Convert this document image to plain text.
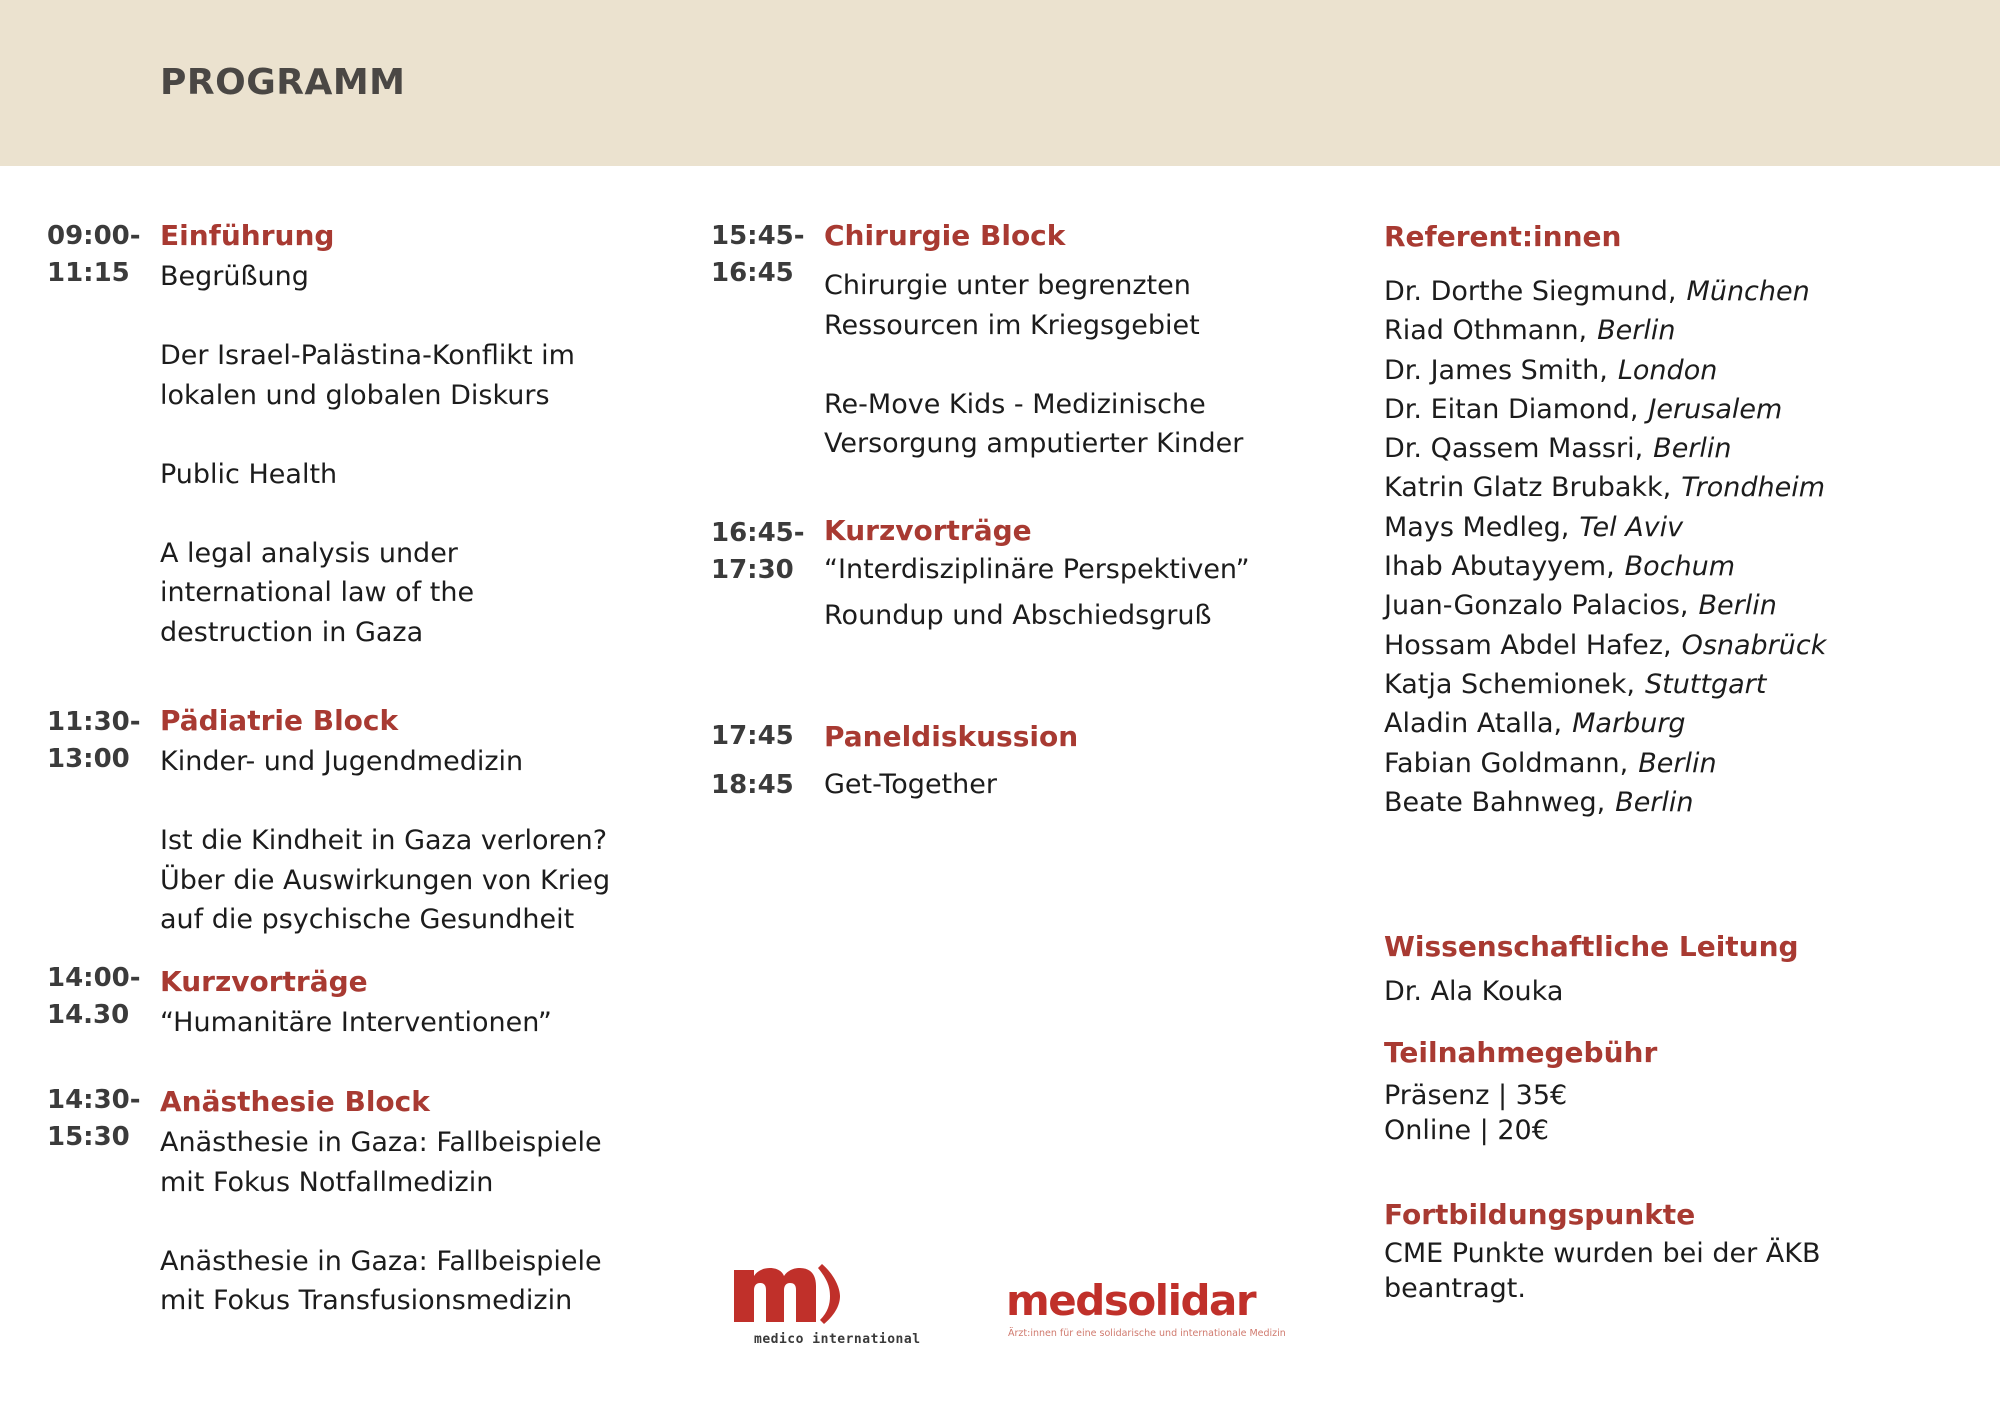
PROGRAMM
09:00-
11:15
Einführung
Begrüßung

Der Israel-Palästina-Konflikt im
lokalen und globalen Diskurs

Public Health

A legal analysis under
international law of the
destruction in Gaza
11:30-
13:00
Pädiatrie Block
Kinder- und Jugendmedizin

Ist die Kindheit in Gaza verloren?
Über die Auswirkungen von Krieg
auf die psychische Gesundheit
14:00-
14.30
Kurzvorträge
“Humanitäre Interventionen”
14:30-
15:30
Anästhesie Block
Anästhesie in Gaza: Fallbeispiele
mit Fokus Notfallmedizin

Anästhesie in Gaza: Fallbeispiele
mit Fokus Transfusionsmedizin
15:45-
16:45
Chirurgie Block
Chirurgie unter begrenzten
Ressourcen im Kriegsgebiet

Re-Move Kids - Medizinische
Versorgung amputierter Kinder
16:45-
17:30
Kurzvorträge
“Interdisziplinäre Perspektiven”
Roundup und Abschiedsgruß
17:45 Paneldiskussion
18:45 Get-Together
Referent:innen
Dr. Dorthe Siegmund, München
Riad Othmann, Berlin
Dr. James Smith, London
Dr. Eitan Diamond, Jerusalem
Dr. Qassem Massri, Berlin
Katrin Glatz Brubakk, Trondheim
Mays Medleg, Tel Aviv
Ihab Abutayyem, Bochum
Juan-Gonzalo Palacios, Berlin
Hossam Abdel Hafez, Osnabrück
Katja Schemionek, Stuttgart
Aladin Atalla, Marburg
Fabian Goldmann, Berlin
Beate Bahnweg, Berlin
Wissenschaftliche Leitung
Dr. Ala Kouka
Teilnahmegebühr
Präsenz | 35€
Online | 20€
Fortbildungspunkte
CME Punkte wurden bei der ÄKB
beantragt.
medico international
medsolidar
Ärzt:innen für eine solidarische und internationale Medizin
